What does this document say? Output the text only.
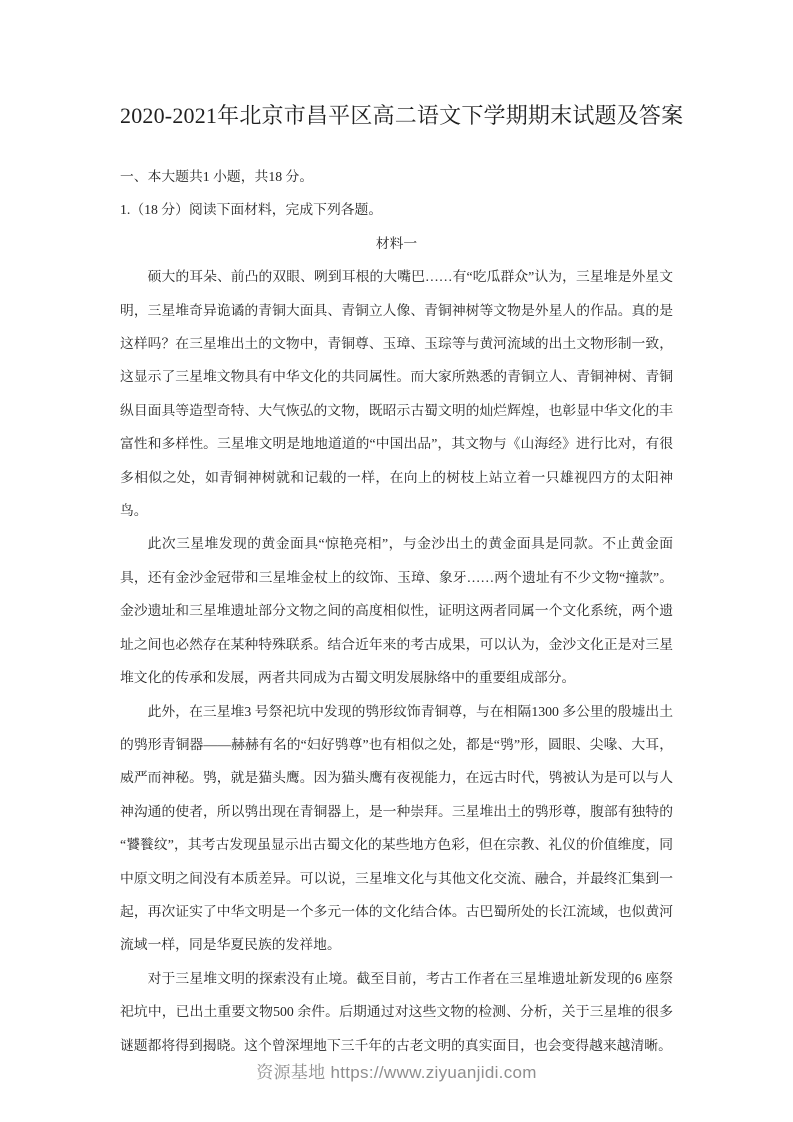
2020-2021年北京市昌平区高二语文下学期期末试题及答案

一、本大题共1 小题，共18 分。

1.（18 分）阅读下面材料，完成下列各题。

材料一

硕大的耳朵、前凸的双眼、咧到耳根的大嘴巴……有“吃瓜群众”认为，三星堆是外星文明，三星堆奇异诡谲的青铜大面具、青铜立人像、青铜神树等文物是外星人的作品。真的是这样吗？在三星堆出土的文物中，青铜尊、玉璋、玉琮等与黄河流域的出土文物形制一致，这显示了三星堆文物具有中华文化的共同属性。而大家所熟悉的青铜立人、青铜神树、青铜纵目面具等造型奇特、大气恢弘的文物，既昭示古蜀文明的灿烂辉煌，也彰显中华文化的丰富性和多样性。三星堆文明是地地道道的“中国出品”，其文物与《山海经》进行比对，有很多相似之处，如青铜神树就和记载的一样，在向上的树枝上站立着一只雄视四方的太阳神鸟。

此次三星堆发现的黄金面具“惊艳亮相”，与金沙出土的黄金面具是同款。不止黄金面具，还有金沙金冠带和三星堆金杖上的纹饰、玉璋、象牙……两个遗址有不少文物“撞款”。金沙遗址和三星堆遗址部分文物之间的高度相似性，证明这两者同属一个文化系统，两个遗址之间也必然存在某种特殊联系。结合近年来的考古成果，可以认为，金沙文化正是对三星堆文化的传承和发展，两者共同成为古蜀文明发展脉络中的重要组成部分。

此外，在三星堆3 号祭祀坑中发现的鸮形纹饰青铜尊，与在相隔1300 多公里的殷墟出土的鸮形青铜器——赫赫有名的“妇好鸮尊”也有相似之处，都是“鸮”形，圆眼、尖喙、大耳，威严而神秘。鸮，就是猫头鹰。因为猫头鹰有夜视能力，在远古时代，鸮被认为是可以与人神沟通的使者，所以鸮出现在青铜器上，是一种崇拜。三星堆出土的鸮形尊，腹部有独特的“饕餮纹”，其考古发现虽显示出古蜀文化的某些地方色彩，但在宗教、礼仪的价值维度，同中原文明之间没有本质差异。可以说，三星堆文化与其他文化交流、融合，并最终汇集到一起，再次证实了中华文明是一个多元一体的文化结合体。古巴蜀所处的长江流域，也似黄河流域一样，同是华夏民族的发祥地。

对于三星堆文明的探索没有止境。截至目前，考古工作者在三星堆遗址新发现的6 座祭祀坑中，已出土重要文物500 余件。后期通过对这些文物的检测、分析，关于三星堆的很多谜题都将得到揭晓。这个曾深埋地下三千年的古老文明的真实面目，也会变得越来越清晰。

资源基地 https://www.ziyuanjidi.com
